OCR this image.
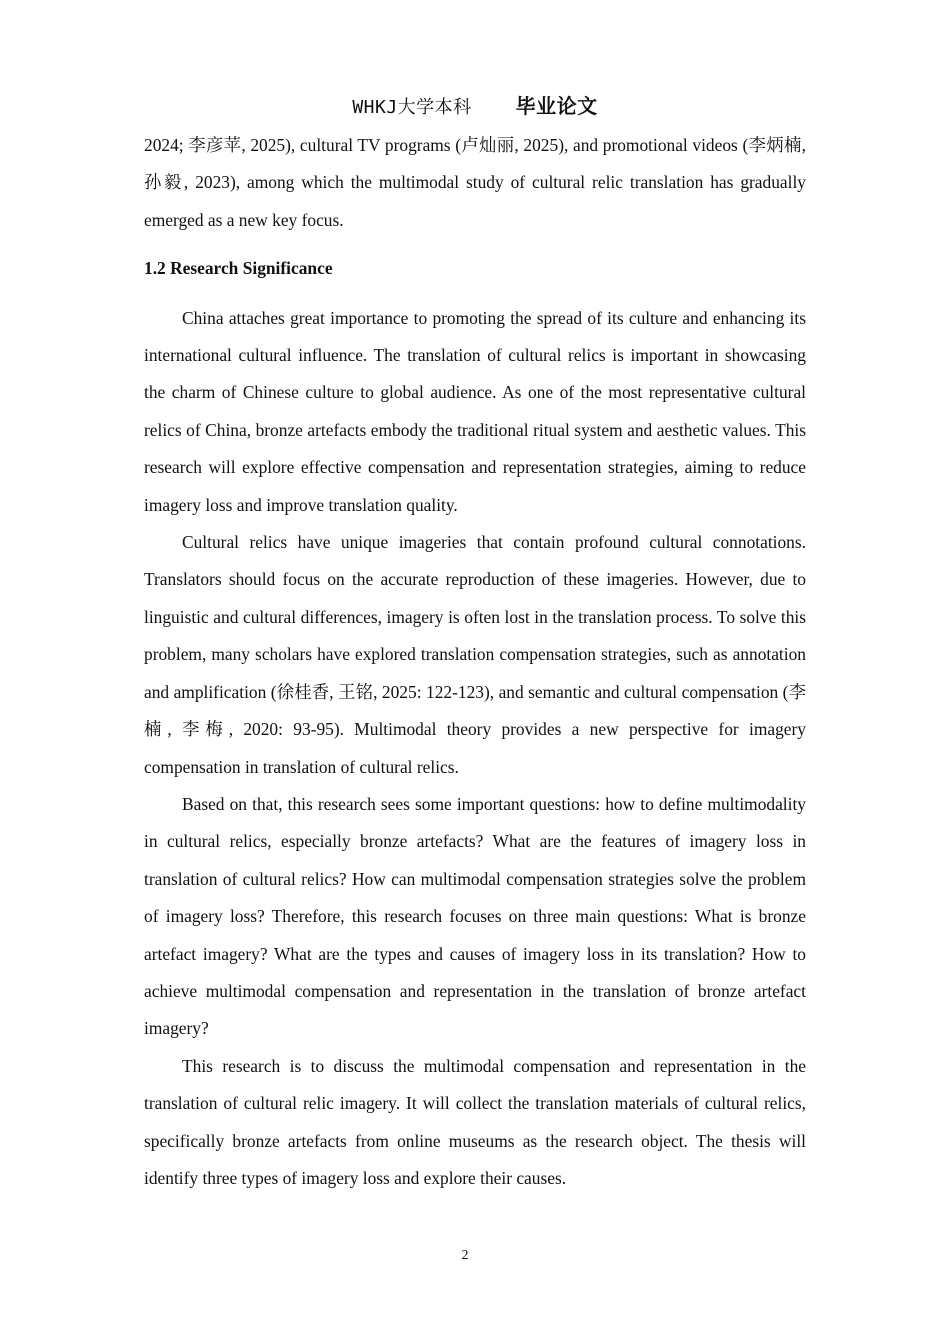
WHKJ大学本科 毕业论文

2024; 李彦苹, 2025), cultural TV programs (卢灿丽, 2025), and promotional videos (李炳楠, 孙毅, 2023), among which the multimodal study of cultural relic translation has gradually emerged as a new key focus.

1.2 Research Significance

China attaches great importance to promoting the spread of its culture and enhancing its international cultural influence. The translation of cultural relics is important in showcasing the charm of Chinese culture to global audience. As one of the most representative cultural relics of China, bronze artefacts embody the traditional ritual system and aesthetic values. This research will explore effective compensation and representation strategies, aiming to reduce imagery loss and improve translation quality.

Cultural relics have unique imageries that contain profound cultural connotations. Translators should focus on the accurate reproduction of these imageries. However, due to linguistic and cultural differences, imagery is often lost in the translation process. To solve this problem, many scholars have explored translation compensation strategies, such as annotation and amplification (徐桂香, 王铭, 2025: 122-123), and semantic and cultural compensation (李楠, 李梅, 2020: 93-95). Multimodal theory provides a new perspective for imagery compensation in translation of cultural relics.

Based on that, this research sees some important questions: how to define multimodality in cultural relics, especially bronze artefacts? What are the features of imagery loss in translation of cultural relics? How can multimodal compensation strategies solve the problem of imagery loss? Therefore, this research focuses on three main questions: What is bronze artefact imagery? What are the types and causes of imagery loss in its translation? How to achieve multimodal compensation and representation in the translation of bronze artefact imagery?

This research is to discuss the multimodal compensation and representation in the translation of cultural relic imagery. It will collect the translation materials of cultural relics, specifically bronze artefacts from online museums as the research object. The thesis will identify three types of imagery loss and explore their causes.

2
